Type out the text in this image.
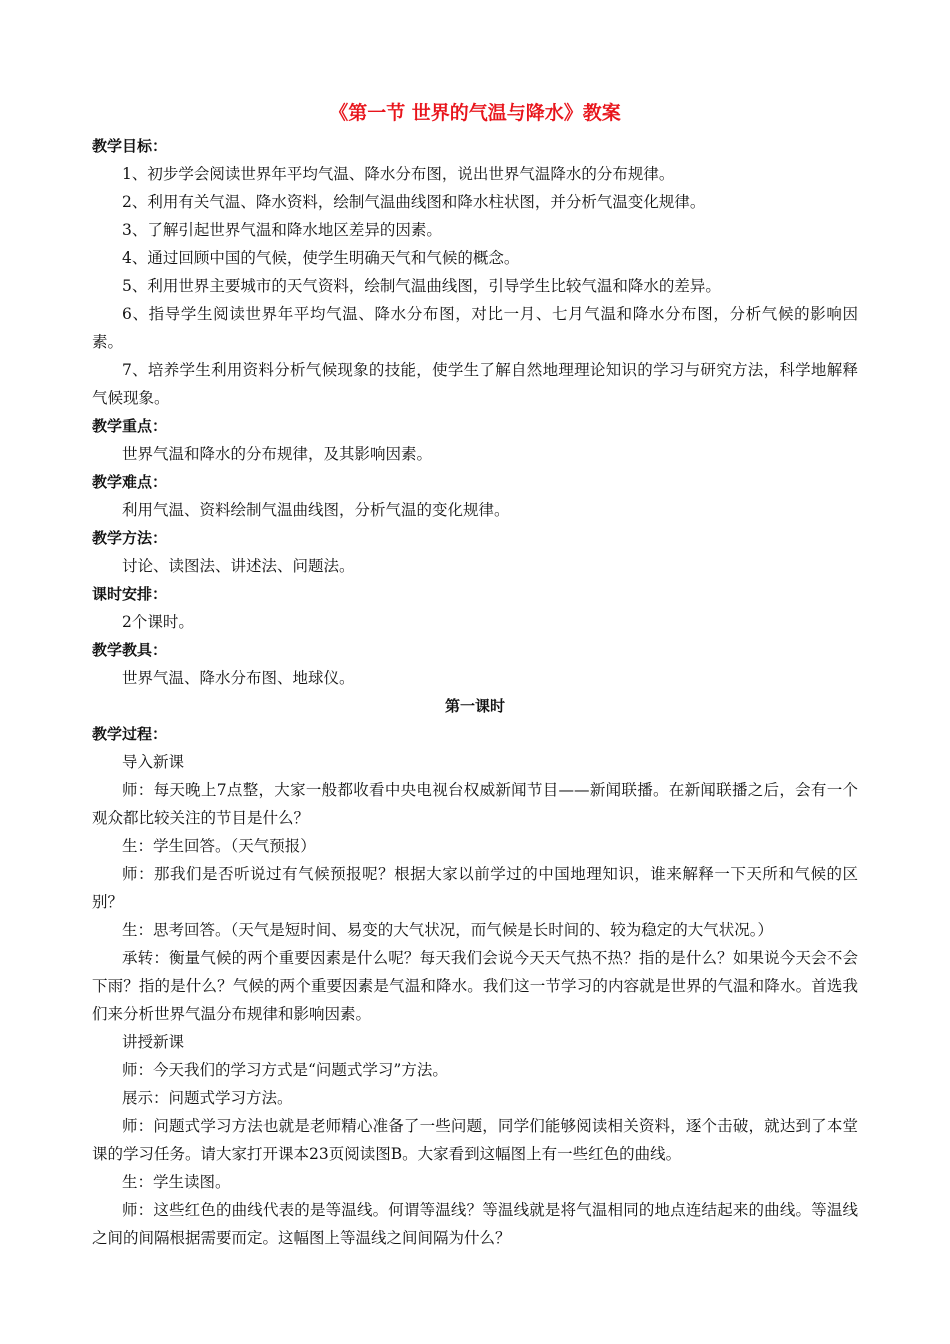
《第一节 世界的气温与降水》教案
教学目标：
1、初步学会阅读世界年平均气温、降水分布图，说出世界气温降水的分布规律。
2、利用有关气温、降水资料，绘制气温曲线图和降水柱状图，并分析气温变化规律。
3、了解引起世界气温和降水地区差异的因素。
4、通过回顾中国的气候，使学生明确天气和气候的概念。
5、利用世界主要城市的天气资料，绘制气温曲线图，引导学生比较气温和降水的差异。
6、指导学生阅读世界年平均气温、降水分布图，对比一月、七月气温和降水分布图，分析气候的影响因素。
7、培养学生利用资料分析气候现象的技能，使学生了解自然地理理论知识的学习与研究方法，科学地解释气候现象。
教学重点：
世界气温和降水的分布规律，及其影响因素。
教学难点：
利用气温、资料绘制气温曲线图，分析气温的变化规律。
教学方法：
讨论、读图法、讲述法、问题法。
课时安排：
2个课时。
教学教具：
世界气温、降水分布图、地球仪。
第一课时
教学过程：
导入新课
师：每天晚上7点整，大家一般都收看中央电视台权威新闻节目——新闻联播。在新闻联播之后，会有一个观众都比较关注的节目是什么？
生：学生回答。（天气预报）
师：那我们是否听说过有气候预报呢？根据大家以前学过的中国地理知识，谁来解释一下天所和气候的区别？
生：思考回答。（天气是短时间、易变的大气状况，而气候是长时间的、较为稳定的大气状况。）
承转：衡量气候的两个重要因素是什么呢？每天我们会说今天天气热不热？指的是什么？如果说今天会不会下雨？指的是什么？气候的两个重要因素是气温和降水。我们这一节学习的内容就是世界的气温和降水。首选我们来分析世界气温分布规律和影响因素。
讲授新课
师：今天我们的学习方式是“问题式学习”方法。
展示：问题式学习方法。
师：问题式学习方法也就是老师精心准备了一些问题，同学们能够阅读相关资料，逐个击破，就达到了本堂课的学习任务。请大家打开课本23页阅读图B。大家看到这幅图上有一些红色的曲线。
生：学生读图。
师：这些红色的曲线代表的是等温线。何谓等温线？等温线就是将气温相同的地点连结起来的曲线。等温线之间的间隔根据需要而定。这幅图上等温线之间间隔为什么？
